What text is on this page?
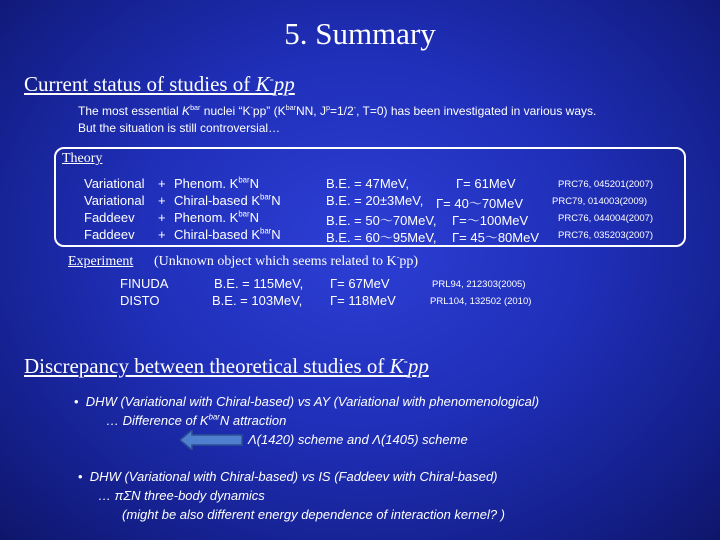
5. Summary
Current status of studies of K-pp
The most essential $K^{bar}$ nuclei “K-pp” ($K^{bar}NN$, $J^p=1/2^-$, T=0) has been investigated in various ways.
But the situation is still controversial…
Theory
Variational + Phenom. $K^{bar}N$	B.E. = 47MeV,	Γ= 61MeV	PRC76, 045201(2007)
Variational + Chiral-based $K^{bar}N$	B.E. = 20±3MeV, Γ= 40～70MeV	PRC79, 014003(2009)
Faddeev + Phenom. $K^{bar}N$	B.E. = 50～70MeV, Γ=～100MeV	PRC76, 044004(2007)
Faddeev + Chiral-based $K^{bar}N$	B.E. = 60～95MeV, Γ= 45～80MeV PRC76, 035203(2007)
Experiment (Unknown object which seems related to K-pp)
FINUDA	B.E. = 115MeV, Γ= 67MeV	PRL94, 212303(2005)
DISTO	B.E. = 103MeV, Γ= 118MeV	PRL104, 132502 (2010)
Discrepancy between theoretical studies of K-pp
• DHW (Variational with Chiral-based) vs AY (Variational with phenomenological)
… Difference of $K^{bar}N$ attraction
Λ(1420) scheme and Λ(1405) scheme
• DHW (Variational with Chiral-based) vs IS (Faddeev with Chiral-based)
… πΣN three-body dynamics
(might be also different energy dependence of interaction kernel? )
